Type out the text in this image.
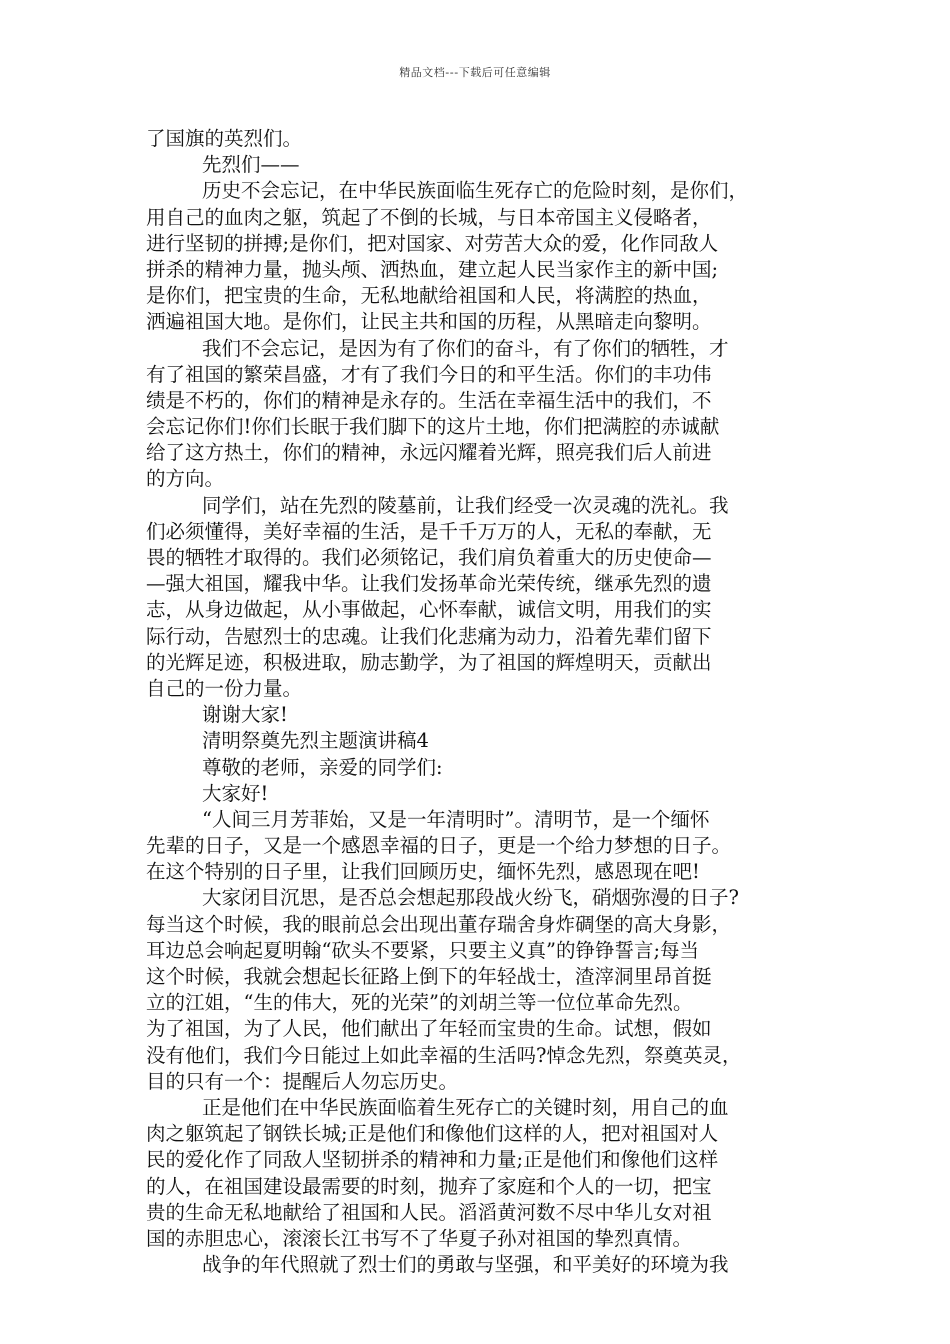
精品文档---下载后可任意编辑
了国旗的英烈们。
先烈们——
历史不会忘记，在中华民族面临生死存亡的危险时刻，是你们，
用自己的血肉之躯，筑起了不倒的长城，与日本帝国主义侵略者，
进行坚韧的拼搏;是你们，把对国家、对劳苦大众的爱，化作同敌人
拼杀的精神力量，抛头颅、洒热血，建立起人民当家作主的新中国;
是你们，把宝贵的生命，无私地献给祖国和人民，将满腔的热血，
洒遍祖国大地。是你们，让民主共和国的历程，从黑暗走向黎明。
我们不会忘记，是因为有了你们的奋斗，有了你们的牺牲，才
有了祖国的繁荣昌盛，才有了我们今日的和平生活。你们的丰功伟
绩是不朽的，你们的精神是永存的。生活在幸福生活中的我们，不
会忘记你们!你们长眠于我们脚下的这片土地，你们把满腔的赤诚献
给了这方热土，你们的精神，永远闪耀着光辉，照亮我们后人前进
的方向。
同学们，站在先烈的陵墓前，让我们经受一次灵魂的洗礼。我
们必须懂得，美好幸福的生活，是千千万万的人，无私的奉献，无
畏的牺牲才取得的。我们必须铭记，我们肩负着重大的历史使命—
—强大祖国，耀我中华。让我们发扬革命光荣传统，继承先烈的遗
志，从身边做起，从小事做起，心怀奉献，诚信文明，用我们的实
际行动，告慰烈士的忠魂。让我们化悲痛为动力，沿着先辈们留下
的光辉足迹，积极进取，励志勤学，为了祖国的辉煌明天，贡献出
自己的一份力量。
谢谢大家!
清明祭奠先烈主题演讲稿4
尊敬的老师，亲爱的同学们:
大家好!
“人间三月芳菲始，又是一年清明时”。清明节，是一个缅怀
先辈的日子，又是一个感恩幸福的日子，更是一个给力梦想的日子。
在这个特别的日子里，让我们回顾历史，缅怀先烈，感恩现在吧!
大家闭目沉思，是否总会想起那段战火纷飞，硝烟弥漫的日子?
每当这个时候，我的眼前总会出现出董存瑞舍身炸碉堡的高大身影，
耳边总会响起夏明翰“砍头不要紧，只要主义真”的铮铮誓言;每当
这个时候，我就会想起长征路上倒下的年轻战士，渣滓洞里昂首挺
立的江姐，“生的伟大，死的光荣”的刘胡兰等一位位革命先烈。
为了祖国，为了人民，他们献出了年轻而宝贵的生命。试想，假如
没有他们，我们今日能过上如此幸福的生活吗?悼念先烈，祭奠英灵，
目的只有一个：提醒后人勿忘历史。
正是他们在中华民族面临着生死存亡的关键时刻，用自己的血
肉之躯筑起了钢铁长城;正是他们和像他们这样的人，把对祖国对人
民的爱化作了同敌人坚韧拼杀的精神和力量;正是他们和像他们这样
的人，在祖国建设最需要的时刻，抛弃了家庭和个人的一切，把宝
贵的生命无私地献给了祖国和人民。滔滔黄河数不尽中华儿女对祖
国的赤胆忠心，滚滚长江书写不了华夏子孙对祖国的挚烈真情。
战争的年代照就了烈士们的勇敢与坚强，和平美好的环境为我
